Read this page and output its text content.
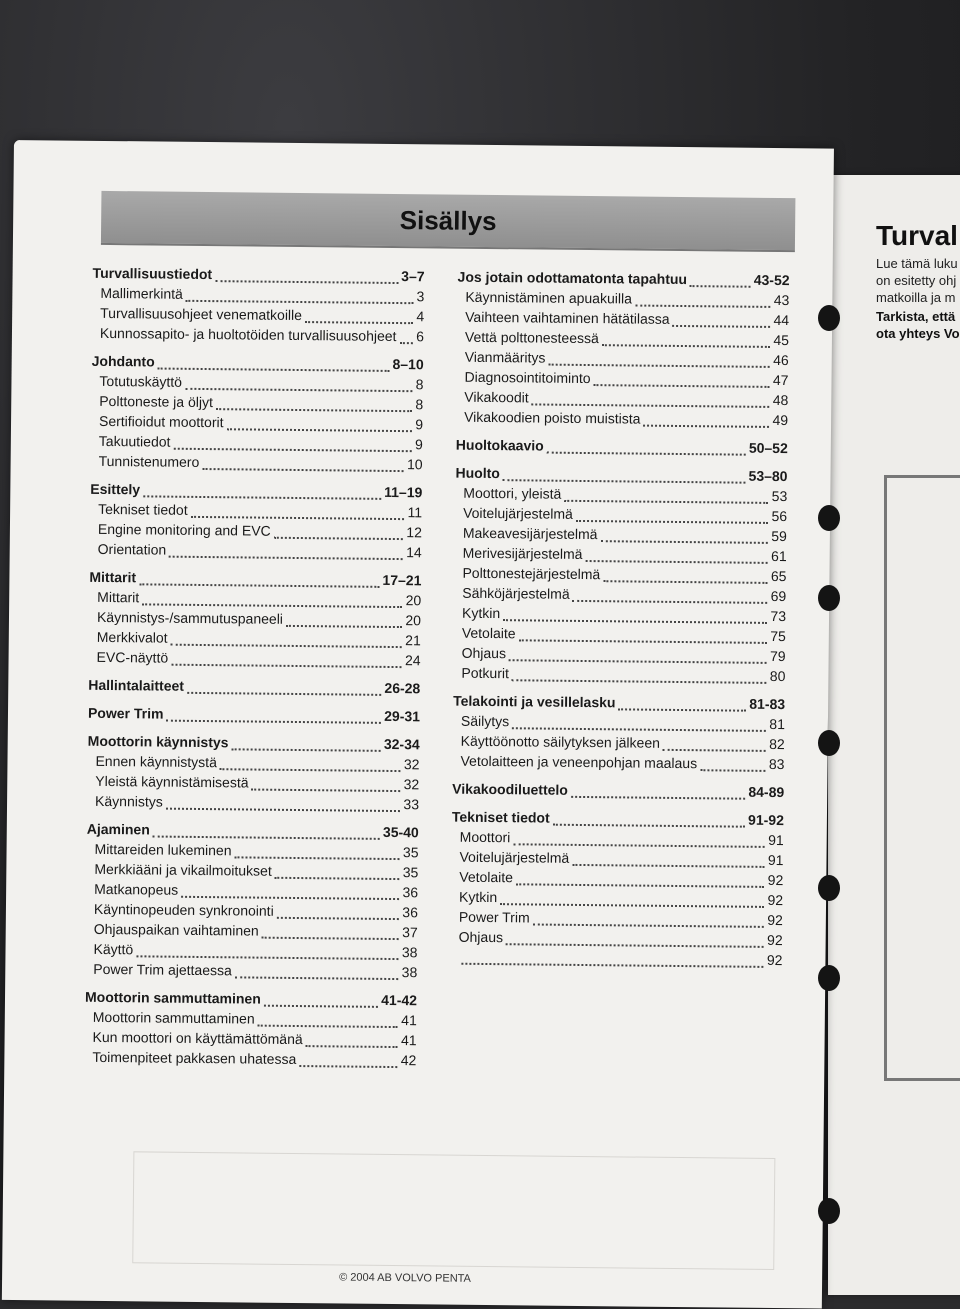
Turval
Lue tämä luku
on esitetty ohj
matkoilla ja m
Tarkista, että
ota yhteys Vo
Sisällys
Turvallisuustiedot	3–7
Mallimerkintä	3
Turvallisuusohjeet venematkoille	4
Kunnossapito- ja huoltotöiden turvallisuusohjeet 6
Johdanto	8–10
Totutuskäyttö	8
Polttoneste ja öljyt	8
Sertifioidut moottorit	9
Takuutiedot	9
Tunnistenumero	10
Esittely	11–19
Tekniset tiedot	11
Engine monitoring and EVC	12
Orientation	14
Mittarit	17–21
Mittarit	20
Käynnistys-/sammutuspaneeli	20
Merkkivalot	21
EVC-näyttö	24
Hallintalaitteet	26-28
Power Trim	29-31
Moottorin käynnistys	32-34
Ennen käynnistystä	32
Yleistä käynnistämisestä	32
Käynnistys	33
Ajaminen	35-40
Mittareiden lukeminen	35
Merkkiääni ja vikailmoitukset	35
Matkanopeus	36
Käyntinopeuden synkronointi	36
Ohjauspaikan vaihtaminen	37
Käyttö	38
Power Trim ajettaessa	38
Moottorin sammuttaminen	41-42
Moottorin sammuttaminen	41
Kun moottori on käyttämättömänä	41
Toimenpiteet pakkasen uhatessa	42
Jos jotain odottamatonta tapahtuu	43-52
Käynnistäminen apuakuilla	43
Vaihteen vaihtaminen hätätilassa	44
Vettä polttonesteessä	45
Vianmääritys	46
Diagnosointitoiminto	47
Vikakoodit	48
Vikakoodien poisto muistista	49
Huoltokaavio	50–52
Huolto	53–80
Moottori, yleistä	53
Voitelujärjestelmä	56
Makeavesijärjestelmä	59
Merivesijärjestelmä	61
Polttonestejärjestelmä	65
Sähköjärjestelmä	69
Kytkin	73
Vetolaite	75
Ohjaus	79
Potkurit	80
Telakointi ja vesillelasku	81-83
Säilytys	81
Käyttöönotto säilytyksen jälkeen	82
Vetolaitteen ja veneenpohjan maalaus	83
Vikakoodiluettelo	84-89
Tekniset tiedot	91-92
Moottori	91
Voitelujärjestelmä	91
Vetolaite	92
Kytkin	92
Power Trim	92
Ohjaus	92
92
© 2004 AB VOLVO PENTA
